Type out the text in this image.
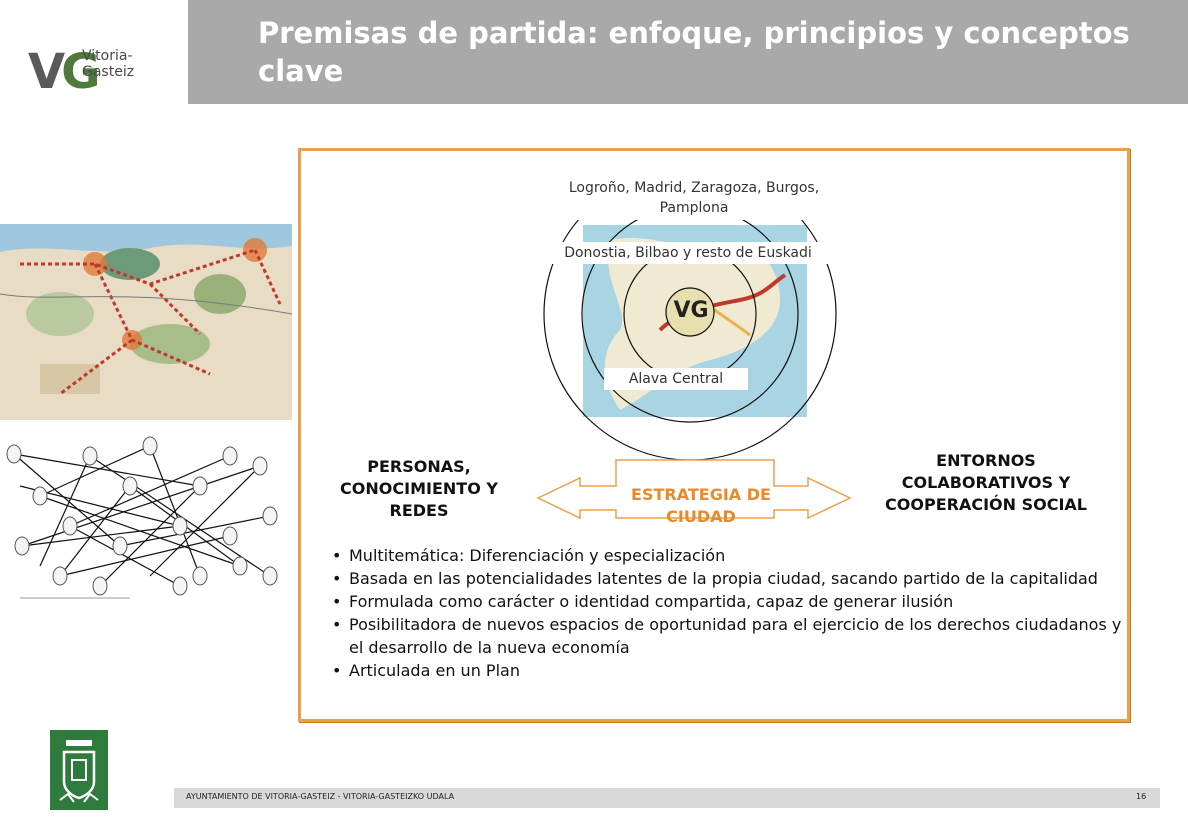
VG
Vitoria-Gasteiz
Premisas de partida: enfoque, principios y conceptos clave
Logroño, Madrid, Zaragoza, Burgos, Pamplona
Donostia, Bilbao y resto de Euskadi
Alava Central
VG
ESTRATEGIA DE CIUDAD
PERSONAS, CONOCIMIENTO Y REDES
ENTORNOS COLABORATIVOS Y COOPERACIÓN SOCIAL
• Multitemática: Diferenciación y especialización
• Basada en las potencialidades latentes de la propia ciudad, sacando partido de la capitalidad
• Formulada como carácter o identidad compartida, capaz de generar ilusión
• Posibilitadora de nuevos espacios de oportunidad para el ejercicio de los derechos ciudadanos y el desarrollo de la nueva economía
• Articulada en un Plan
AYUNTAMIENTO DE VITORIA-GASTEIZ - VITORIA-GASTEIZKO UDALA	16
